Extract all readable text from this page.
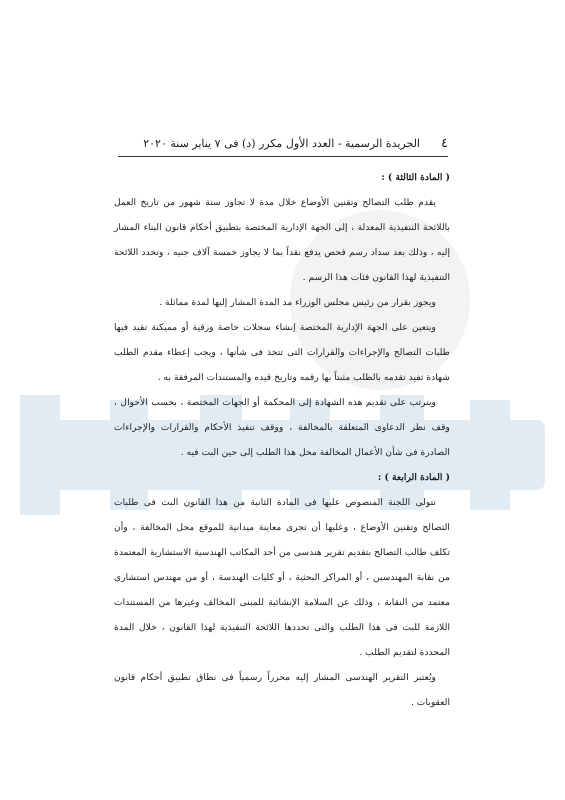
٤
الجريدة الرسمية - العدد الأول مكرر (د) فى ٧ يناير سنة ٢٠٢٠

( المادة الثالثة ) :

يقدم طلب التصالح وتقنين الأوضاع خلال مدة لا تجاوز ستة شهور من تاريخ العمل باللائحة التنفيذية المعدلة ، إلى الجهة الإدارية المختصة بتطبيق أحكام قانون البناء المشار إليه ، وذلك بعد سداد رسم فحص يدفع نقداً بما لا يجاوز خمسة آلاف جنيه ، وتحدد اللائحة التنفيذية لهذا القانون فئات هذا الرسم .

ويجوز بقرار من رئيس مجلس الوزراء مد المدة المشار إليها لمدة مماثلة .

ويتعين على الجهة الإدارية المختصة إنشاء سجلات خاصة ورقية أو مميكنة تقيد فيها طلبات التصالح والإجراءات والقرارات التى تتخذ فى شأنها ، ويجب إعطاء مقدم الطلب شهادة تفيد تقدمه بالطلب مثبتاً بها رقمه وتاريخ قيده والمستندات المرفقة به .

ويترتب على تقديم هذه الشهادة إلى المحكمة أو الجهات المختصة ، بحسب الأحوال ، وقف نظر الدعاوى المتعلقة بالمخالفة ، ووقف تنفيذ الأحكام والقرارات والإجراءات الصادرة فى شأن الأعمال المخالفة محل هذا الطلب إلى حين البت فيه .

( المادة الرابعة ) :

تتولى اللجنة المنصوص عليها فى المادة الثانية من هذا القانون البت فى طلبات التصالح وتقنين الأوضاع ، وعليها أن تجرى معاينة ميدانية للموقع محل المخالفة ، وأن تكلف طالب التصالح بتقديم تقرير هندسى من أحد المكاتب الهندسية الاستشارية المعتمدة من نقابة المهندسين ، أو المراكز البحثية ، أو كليات الهندسة ، أو من مهندس استشارى معتمد من النقابة ، وذلك عن السلامة الإنشائية للمبنى المخالف وغيرها من المستندات اللازمة للبت فى هذا الطلب والتى تحددها اللائحة التنفيذية لهذا القانون ، خلال المدة المحددة لتقديم الطلب .

ويُعتبر التقرير الهندسى المشار إليه محرراً رسمياً فى نطاق تطبيق أحكام قانون العقوبات .
